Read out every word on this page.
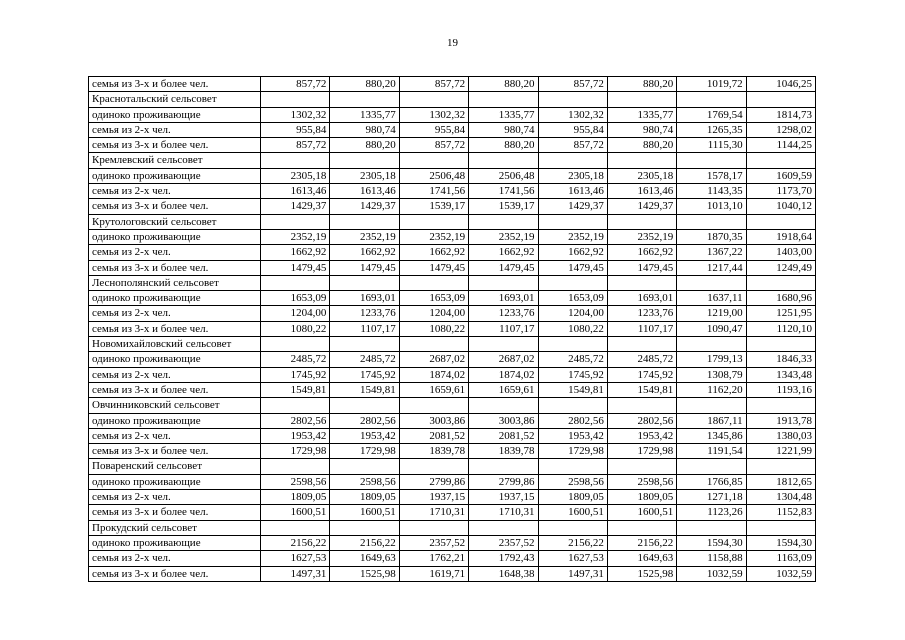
19
семья из 3-х и более чел.	857,72	880,20	857,72	880,20	857,72	880,20	1019,72	1046,25
Краснотальский сельсовет								
одиноко проживающие	1302,32	1335,77	1302,32	1335,77	1302,32	1335,77	1769,54	1814,73
семья из 2-х чел.	955,84	980,74	955,84	980,74	955,84	980,74	1265,35	1298,02
семья из 3-х и более чел.	857,72	880,20	857,72	880,20	857,72	880,20	1115,30	1144,25
Кремлевский сельсовет								
одиноко проживающие	2305,18	2305,18	2506,48	2506,48	2305,18	2305,18	1578,17	1609,59
семья из 2-х чел.	1613,46	1613,46	1741,56	1741,56	1613,46	1613,46	1143,35	1173,70
семья из 3-х и более чел.	1429,37	1429,37	1539,17	1539,17	1429,37	1429,37	1013,10	1040,12
Крутологовский сельсовет								
одиноко проживающие	2352,19	2352,19	2352,19	2352,19	2352,19	2352,19	1870,35	1918,64
семья из 2-х чел.	1662,92	1662,92	1662,92	1662,92	1662,92	1662,92	1367,22	1403,00
семья из 3-х и более чел.	1479,45	1479,45	1479,45	1479,45	1479,45	1479,45	1217,44	1249,49
Леснополянский сельсовет								
одиноко проживающие	1653,09	1693,01	1653,09	1693,01	1653,09	1693,01	1637,11	1680,96
семья из 2-х чел.	1204,00	1233,76	1204,00	1233,76	1204,00	1233,76	1219,00	1251,95
семья из 3-х и более чел.	1080,22	1107,17	1080,22	1107,17	1080,22	1107,17	1090,47	1120,10
Новомихайловский сельсовет								
одиноко проживающие	2485,72	2485,72	2687,02	2687,02	2485,72	2485,72	1799,13	1846,33
семья из 2-х чел.	1745,92	1745,92	1874,02	1874,02	1745,92	1745,92	1308,79	1343,48
семья из 3-х и более чел.	1549,81	1549,81	1659,61	1659,61	1549,81	1549,81	1162,20	1193,16
Овчинниковский сельсовет								
одиноко проживающие	2802,56	2802,56	3003,86	3003,86	2802,56	2802,56	1867,11	1913,78
семья из 2-х чел.	1953,42	1953,42	2081,52	2081,52	1953,42	1953,42	1345,86	1380,03
семья из 3-х и более чел.	1729,98	1729,98	1839,78	1839,78	1729,98	1729,98	1191,54	1221,99
Поваренский сельсовет								
одиноко проживающие	2598,56	2598,56	2799,86	2799,86	2598,56	2598,56	1766,85	1812,65
семья из 2-х чел.	1809,05	1809,05	1937,15	1937,15	1809,05	1809,05	1271,18	1304,48
семья из 3-х и более чел.	1600,51	1600,51	1710,31	1710,31	1600,51	1600,51	1123,26	1152,83
Прокудский сельсовет								
одиноко проживающие	2156,22	2156,22	2357,52	2357,52	2156,22	2156,22	1594,30	1594,30
семья из 2-х чел.	1627,53	1649,63	1762,21	1792,43	1627,53	1649,63	1158,88	1163,09
семья из 3-х и более чел.	1497,31	1525,98	1619,71	1648,38	1497,31	1525,98	1032,59	1032,59
